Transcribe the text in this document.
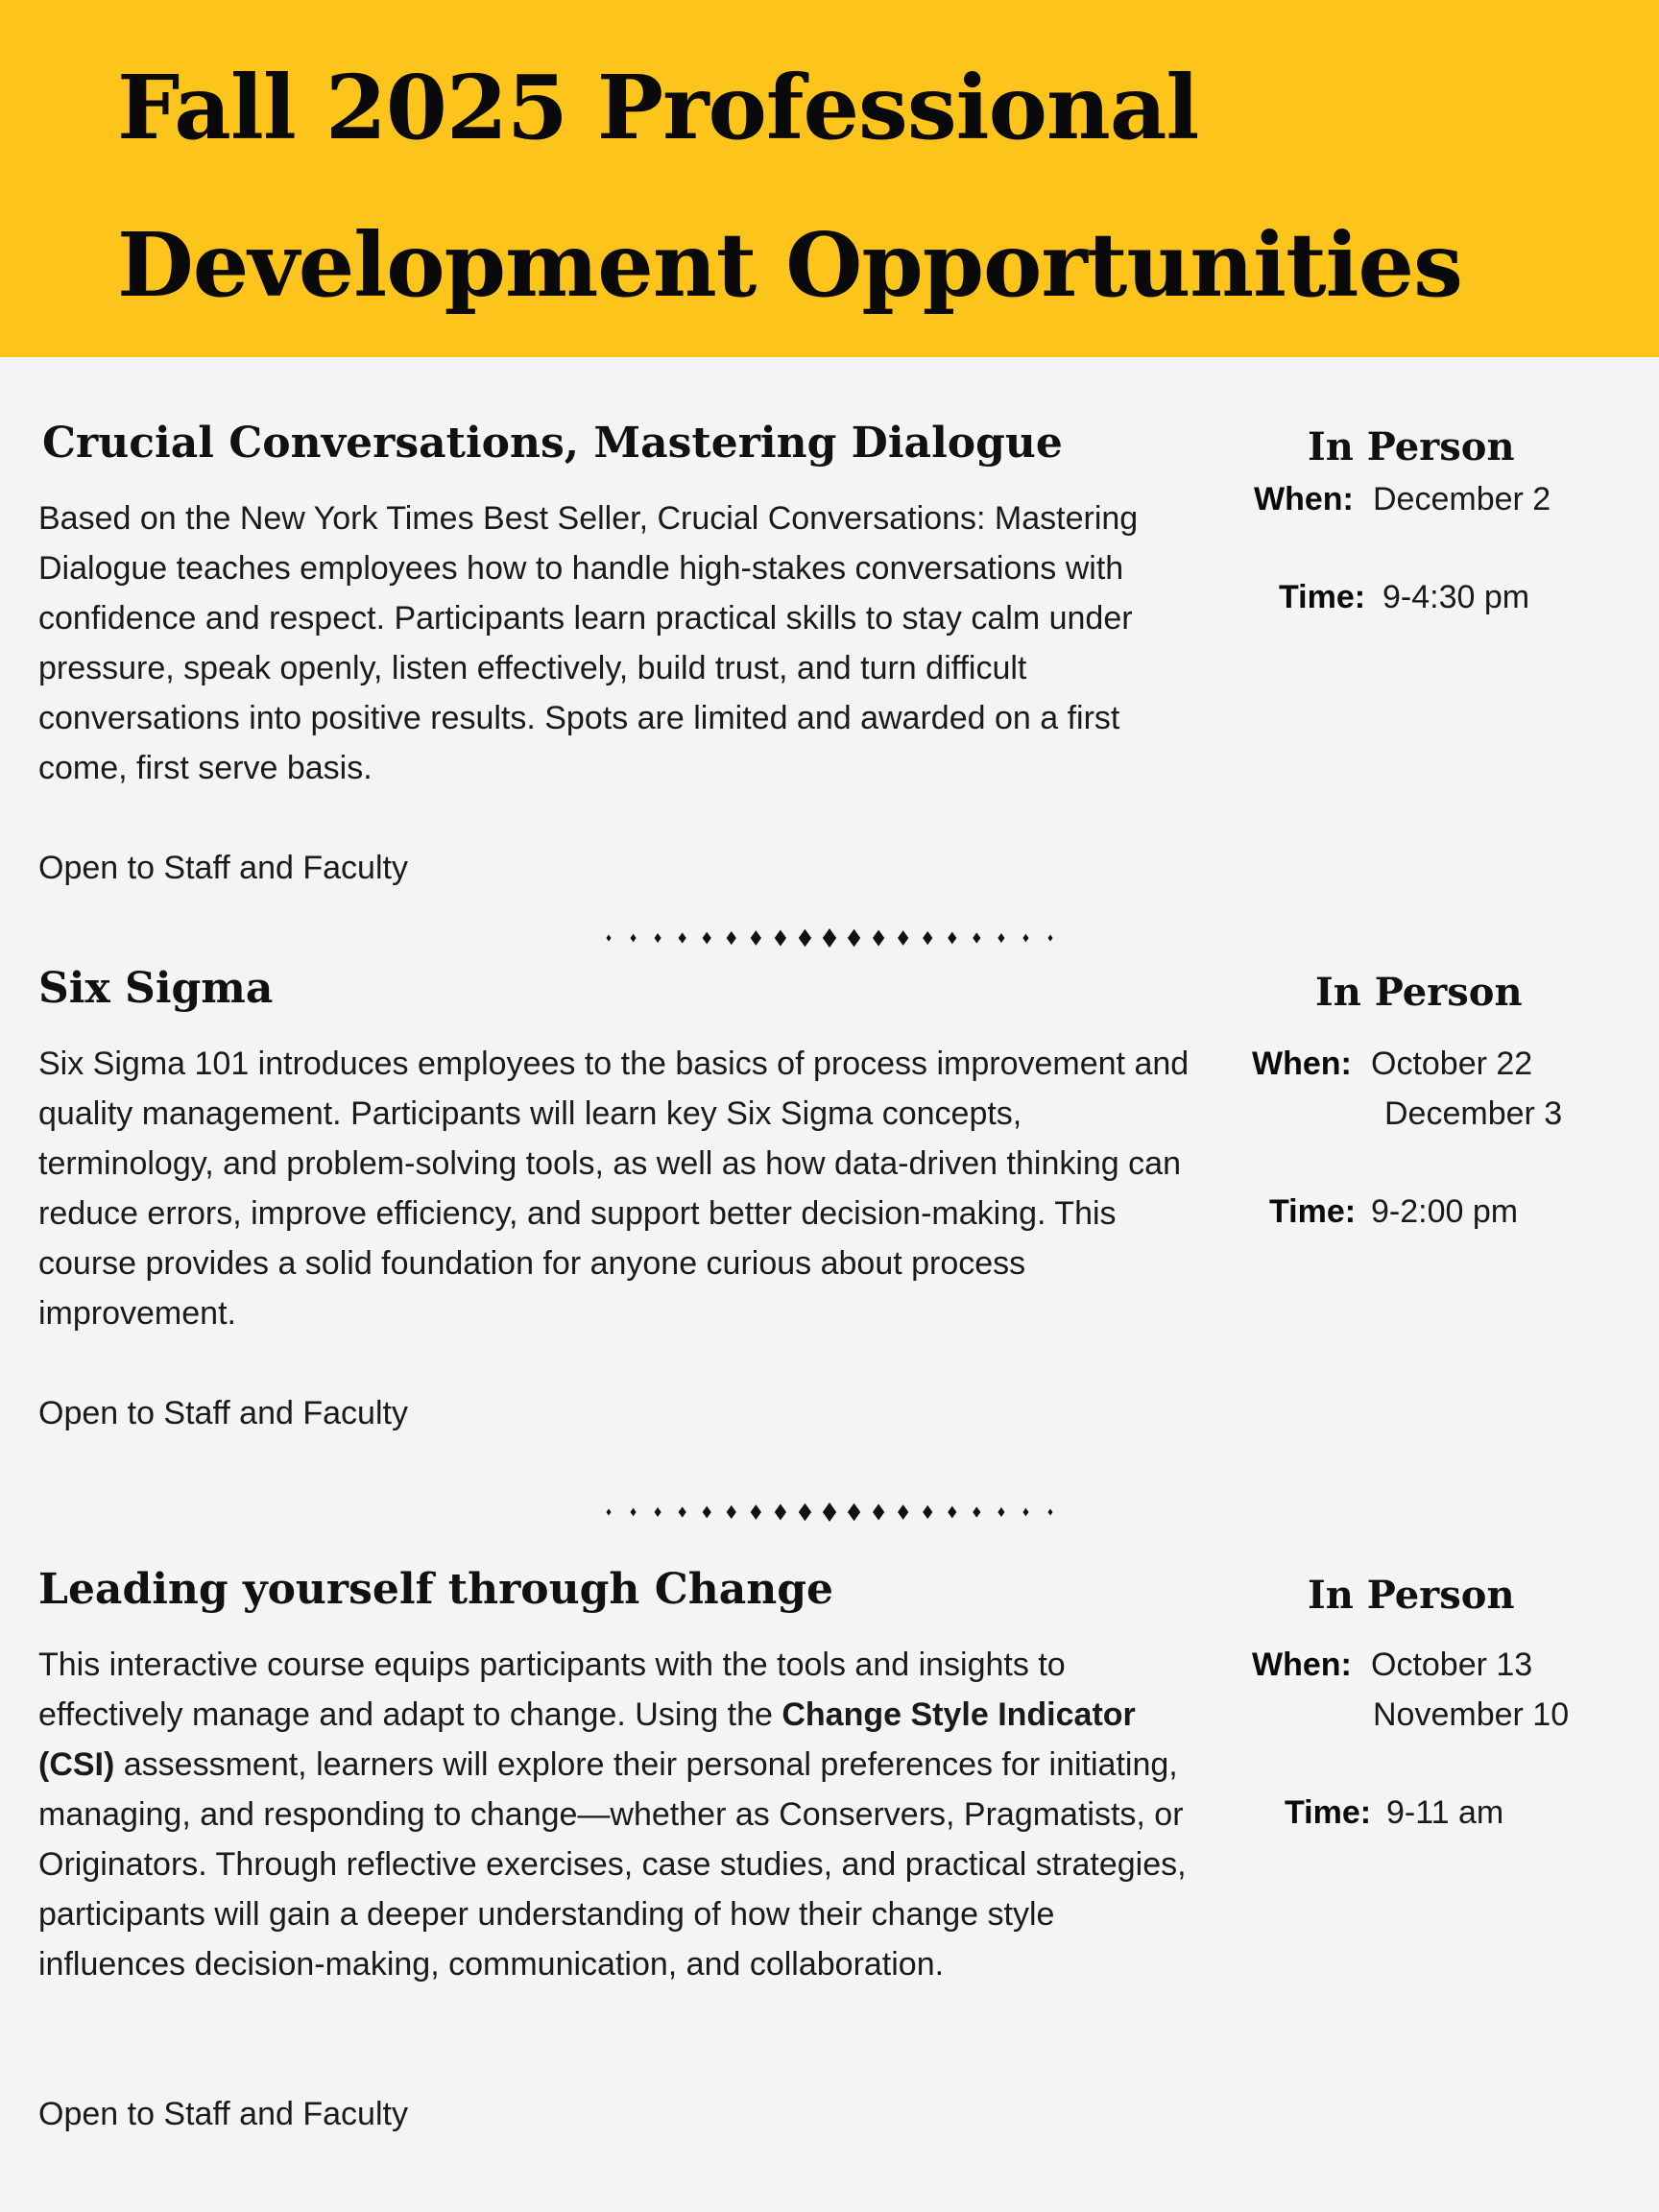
Fall 2025 Professional
Development Opportunities
Crucial Conversations, Mastering Dialogue

Based on the New York Times Best Seller, Crucial Conversations: Mastering Dialogue teaches employees how to handle high-stakes conversations with confidence and respect. Participants learn practical skills to stay calm under pressure, speak openly, listen effectively, build trust, and turn difficult conversations into positive results. Spots are limited and awarded on a first come, first serve basis.

Open to Staff and Faculty

In Person
When: December 2
Time: 9-4:30 pm
Six Sigma

Six Sigma 101 introduces employees to the basics of process improvement and quality management. Participants will learn key Six Sigma concepts, terminology, and problem-solving tools, as well as how data-driven thinking can reduce errors, improve efficiency, and support better decision-making. This course provides a solid foundation for anyone curious about process improvement.

Open to Staff and Faculty

In Person
When: October 22
December 3
Time: 9-2:00 pm
Leading yourself through Change

This interactive course equips participants with the tools and insights to effectively manage and adapt to change. Using the Change Style Indicator (CSI) assessment, learners will explore their personal preferences for initiating, managing, and responding to change—whether as Conservers, Pragmatists, or Originators. Through reflective exercises, case studies, and practical strategies, participants will gain a deeper understanding of how their change style influences decision-making, communication, and collaboration.

Open to Staff and Faculty

In Person
When: October 13
November 10
Time: 9-11 am
